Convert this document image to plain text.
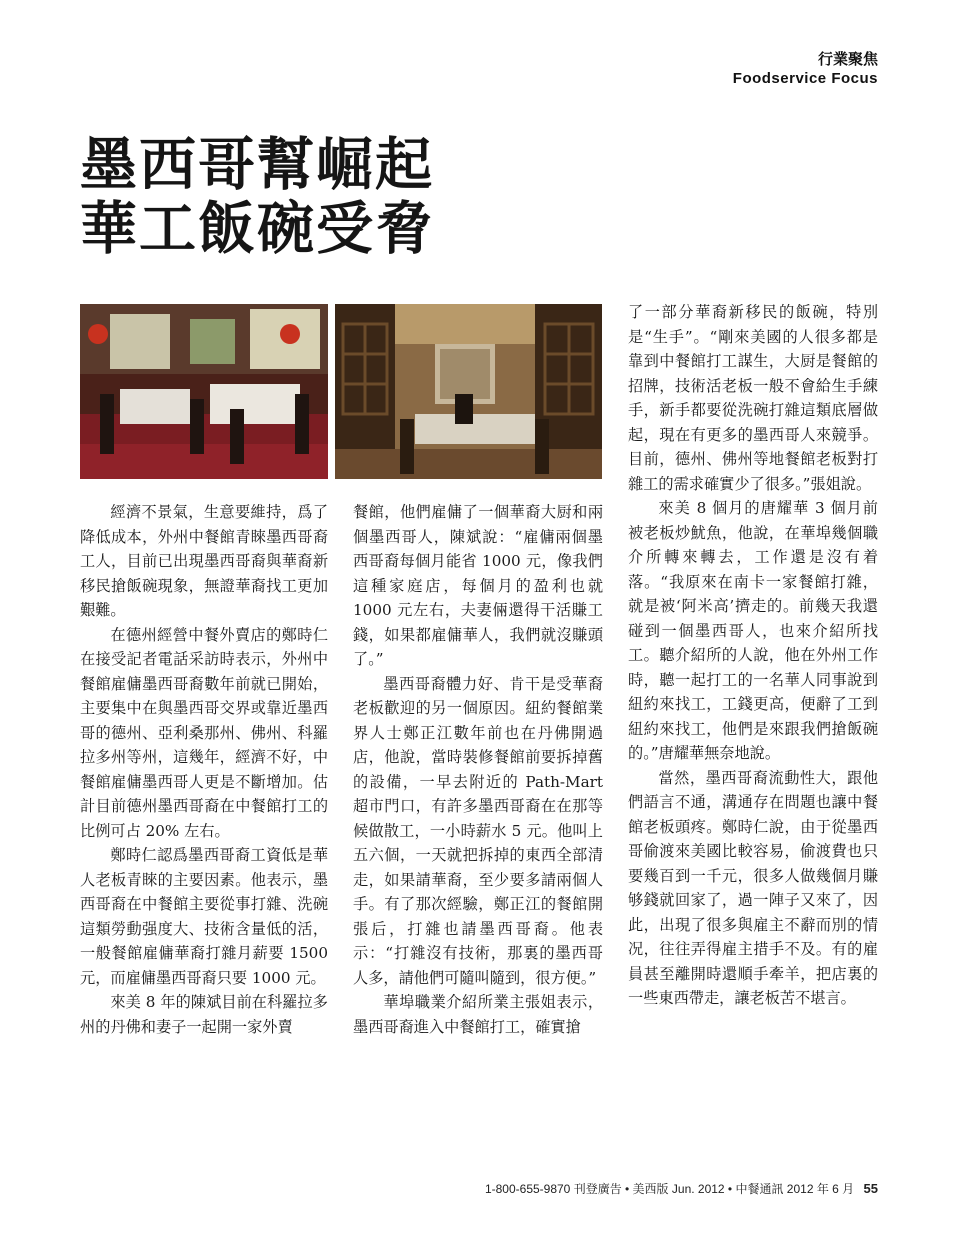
行業聚焦
Foodservice Focus
墨西哥幫崛起
華工飯碗受脅

經濟不景氣，生意要維持，爲了降低成本，外州中餐館青睞墨西哥裔工人，目前已出現墨西哥裔與華裔新移民搶飯碗現象，無證華裔找工更加艱難。

在德州經營中餐外賣店的鄭時仁在接受記者電話采訪時表示，外州中餐館雇傭墨西哥裔數年前就已開始，主要集中在與墨西哥交界或靠近墨西哥的德州、亞利桑那州、佛州、科羅拉多州等州，這幾年，經濟不好，中餐館雇傭墨西哥人更是不斷增加。估計目前德州墨西哥裔在中餐館打工的比例可占 20% 左右。

鄭時仁認爲墨西哥裔工資低是華人老板青睞的主要因素。他表示，墨西哥裔在中餐館主要從事打雜、洗碗這類勞動强度大、技術含量低的活，一般餐館雇傭華裔打雜月薪要 1500 元，而雇傭墨西哥裔只要 1000 元。

來美 8 年的陳斌目前在科羅拉多州的丹佛和妻子一起開一家外賣

餐館，他們雇傭了一個華裔大厨和兩個墨西哥人，陳斌說：“雇傭兩個墨西哥裔每個月能省 1000 元，像我們這種家庭店，每個月的盈利也就 1000 元左右，夫妻倆還得干活賺工錢，如果都雇傭華人，我們就沒賺頭了。”

墨西哥裔體力好、肯干是受華裔老板歡迎的另一個原因。紐約餐館業界人士鄭正江數年前也在丹佛開過店，他說，當時裝修餐館前要拆掉舊的設備，一早去附近的 Path-Mart 超市門口，有許多墨西哥裔在在那等候做散工，一小時薪水 5 元。他叫上五六個，一天就把拆掉的東西全部清走，如果請華裔，至少要多請兩個人手。有了那次經驗，鄭正江的餐館開張后，打雜也請墨西哥裔。他表示：“打雜沒有技術，那裏的墨西哥人多，請他們可隨叫隨到，很方便。”

華埠職業介紹所業主張姐表示，墨西哥裔進入中餐館打工，確實搶

了一部分華裔新移民的飯碗，特別是“生手”。“剛來美國的人很多都是靠到中餐館打工謀生，大厨是餐館的招牌，技術活老板一般不會給生手練手，新手都要從洗碗打雜這類底層做起，現在有更多的墨西哥人來競爭。目前，德州、佛州等地餐館老板對打雜工的需求確實少了很多。”張姐說。

來美 8 個月的唐耀華 3 個月前被老板炒魷魚，他說，在華埠幾個職介所轉來轉去，工作還是沒有着落。“我原來在南卡一家餐館打雜，就是被‘阿米高’擠走的。前幾天我還碰到一個墨西哥人，也來介紹所找工。聽介紹所的人說，他在外州工作時，聽一起打工的一名華人同事說到紐約來找工，工錢更高，便辭了工到紐約來找工，他們是來跟我們搶飯碗的。”唐耀華無奈地說。

當然，墨西哥裔流動性大，跟他們語言不通，溝通存在問題也讓中餐館老板頭疼。鄭時仁說，由于從墨西哥偷渡來美國比較容易，偷渡費也只要幾百到一千元，很多人做幾個月賺够錢就回家了，過一陣子又來了，因此，出現了很多與雇主不辭而別的情况，往往弄得雇主措手不及。有的雇員甚至離開時還順手牽羊，把店裏的一些東西帶走，讓老板苦不堪言。

1-800-655-9870 刊登廣告 • 美西版 Jun. 2012 • 中餐通訊 2012 年 6 月 55
